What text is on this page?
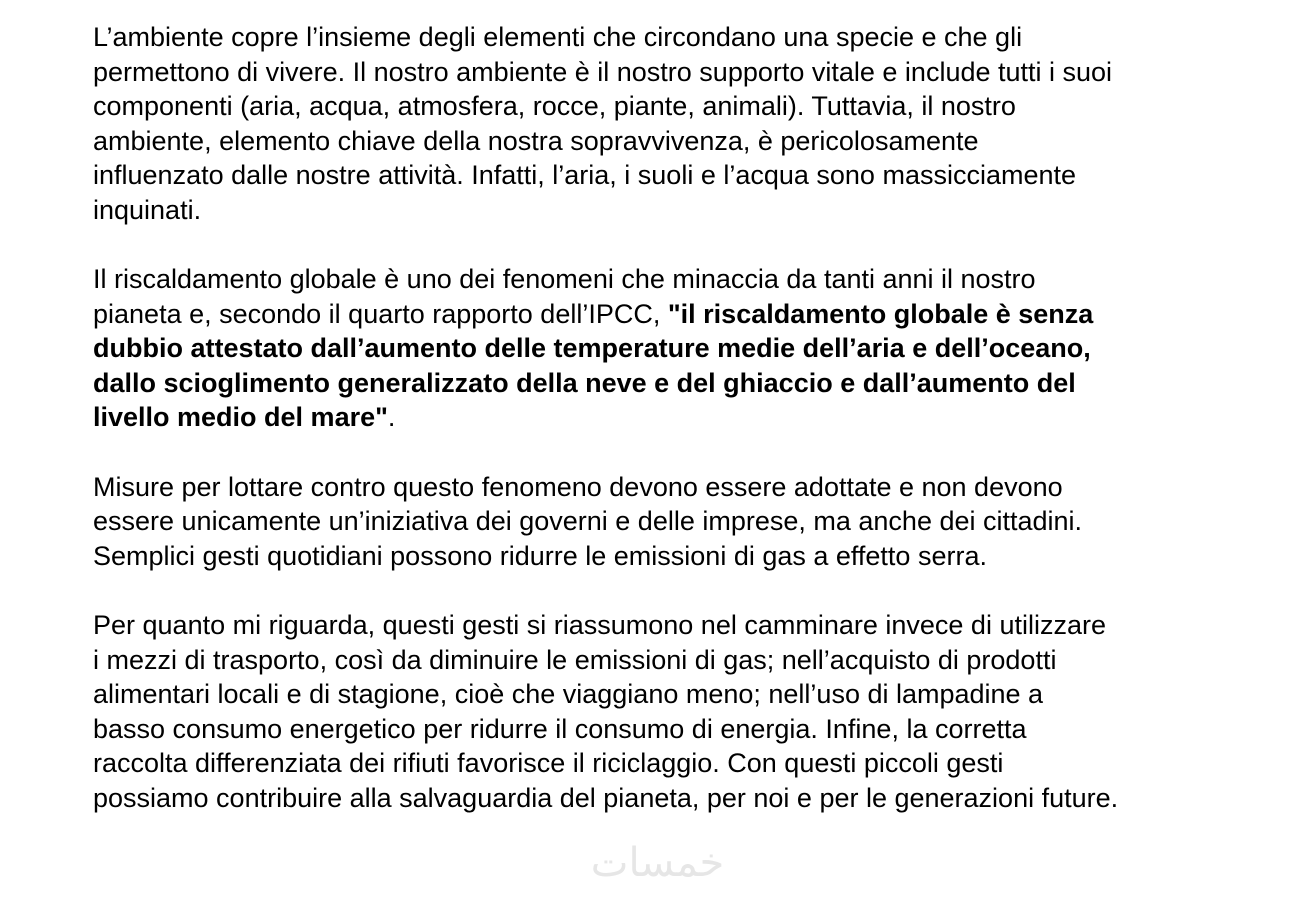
L’ambiente copre l’insieme degli elementi che circondano una specie e che gli
permettono di vivere. Il nostro ambiente è il nostro supporto vitale e include tutti i suoi
componenti (aria, acqua, atmosfera, rocce, piante, animali). Tuttavia, il nostro
ambiente, elemento chiave della nostra sopravvivenza, è pericolosamente
influenzato dalle nostre attività. Infatti, l’aria, i suoli e l’acqua sono massicciamente
inquinati.

Il riscaldamento globale è uno dei fenomeni che minaccia da tanti anni il nostro
pianeta e, secondo il quarto rapporto dell’IPCC, "il riscaldamento globale è senza
dubbio attestato dall’aumento delle temperature medie dell’aria e dell’oceano,
dallo scioglimento generalizzato della neve e del ghiaccio e dall’aumento del
livello medio del mare".

Misure per lottare contro questo fenomeno devono essere adottate e non devono
essere unicamente un’iniziativa dei governi e delle imprese, ma anche dei cittadini.
Semplici gesti quotidiani possono ridurre le emissioni di gas a effetto serra.

Per quanto mi riguarda, questi gesti si riassumono nel camminare invece di utilizzare
i mezzi di trasporto, così da diminuire le emissioni di gas; nell’acquisto di prodotti
alimentari locali e di stagione, cioè che viaggiano meno; nell’uso di lampadine a
basso consumo energetico per ridurre il consumo di energia. Infine, la corretta
raccolta differenziata dei rifiuti favorisce il riciclaggio. Con questi piccoli gesti
possiamo contribuire alla salvaguardia del pianeta, per noi e per le generazioni future.

خمسات
